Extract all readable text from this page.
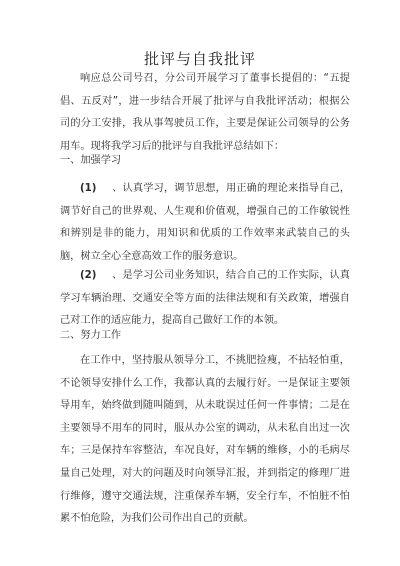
批评与自我批评
响应总公司号召，分公司开展学习了董事长提倡的：“五提倡、五反对”，进一步结合开展了批评与自我批评活动；根据公司的分工安排，我从事驾驶员工作，主要是保证公司领导的公务用车。现将我学习后的批评与自我批评总结如下：
一、加强学习
(1) 、认真学习，调节思想，用正确的理论来指导自己，调节好自己的世界观、人生观和价值观，增强自己的工作敏锐性和辨别是非的能力，用知识和优质的工作效率来武装自己的头脑，树立全心全意高效工作的服务意识。
(2) 、是学习公司业务知识，结合自己的工作实际，认真学习车辆治理、交通安全等方面的法律法规和有关政策，增强自己对工作的适应能力，提高自己做好工作的本领。
二、努力工作
在工作中，坚持服从领导分工，不挑肥捡瘦，不拈轻怕重，不论领导安排什么工作，我都认真的去履行好。一是保证主要领导用车，始终做到随叫随到，从未耽误过任何一件事情；二是在主要领导不用车的同时，服从办公室的调动，从未私自出过一次车；三是保持车容整洁，车况良好，对车辆的维修，小的毛病尽量自己处理，对大的问题及时向领导汇报，并到指定的修理厂进行维修，遵守交通法规，注重保养车辆，安全行车，不怕脏不怕累不怕危险，为我们公司作出自己的贡献。
